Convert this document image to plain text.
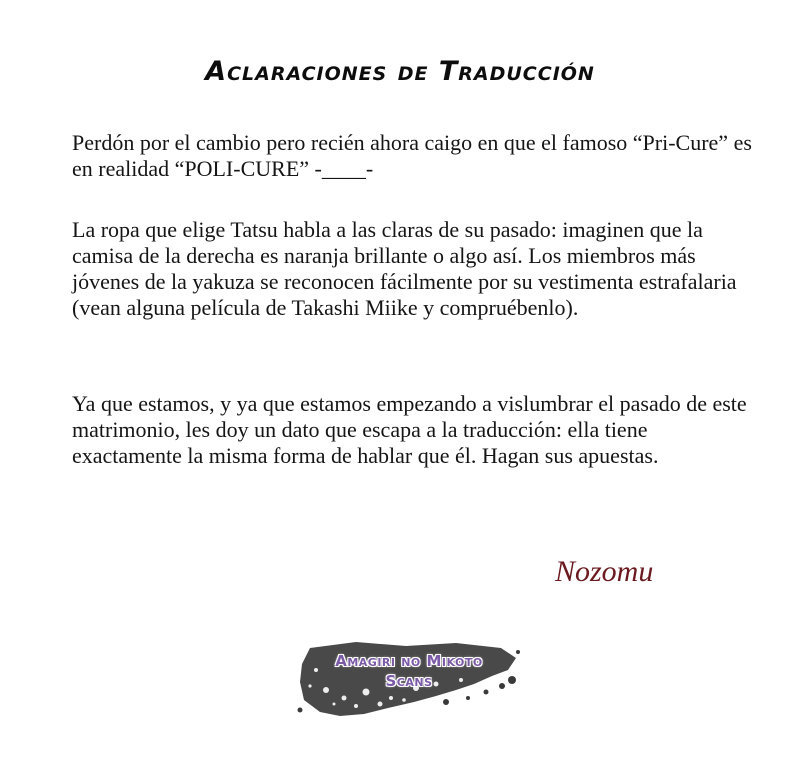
Aclaraciones de Traducción

Perdón por el cambio pero recién ahora caigo en que el famoso “Pri-Cure” es en realidad “POLI-CURE” -____-

La ropa que elige Tatsu habla a las claras de su pasado: imaginen que la camisa de la derecha es naranja brillante o algo así. Los miembros más jóvenes de la yakuza se reconocen fácilmente por su vestimenta estrafalaria (vean alguna película de Takashi Miike y compruébenlo).

Ya que estamos, y ya que estamos empezando a vislumbrar el pasado de este matrimonio, les doy un dato que escapa a la traducción: ella tiene exactamente la misma forma de hablar que él. Hagan sus apuestas.

Nozomu
Amagiri no Mikoto
Scans
